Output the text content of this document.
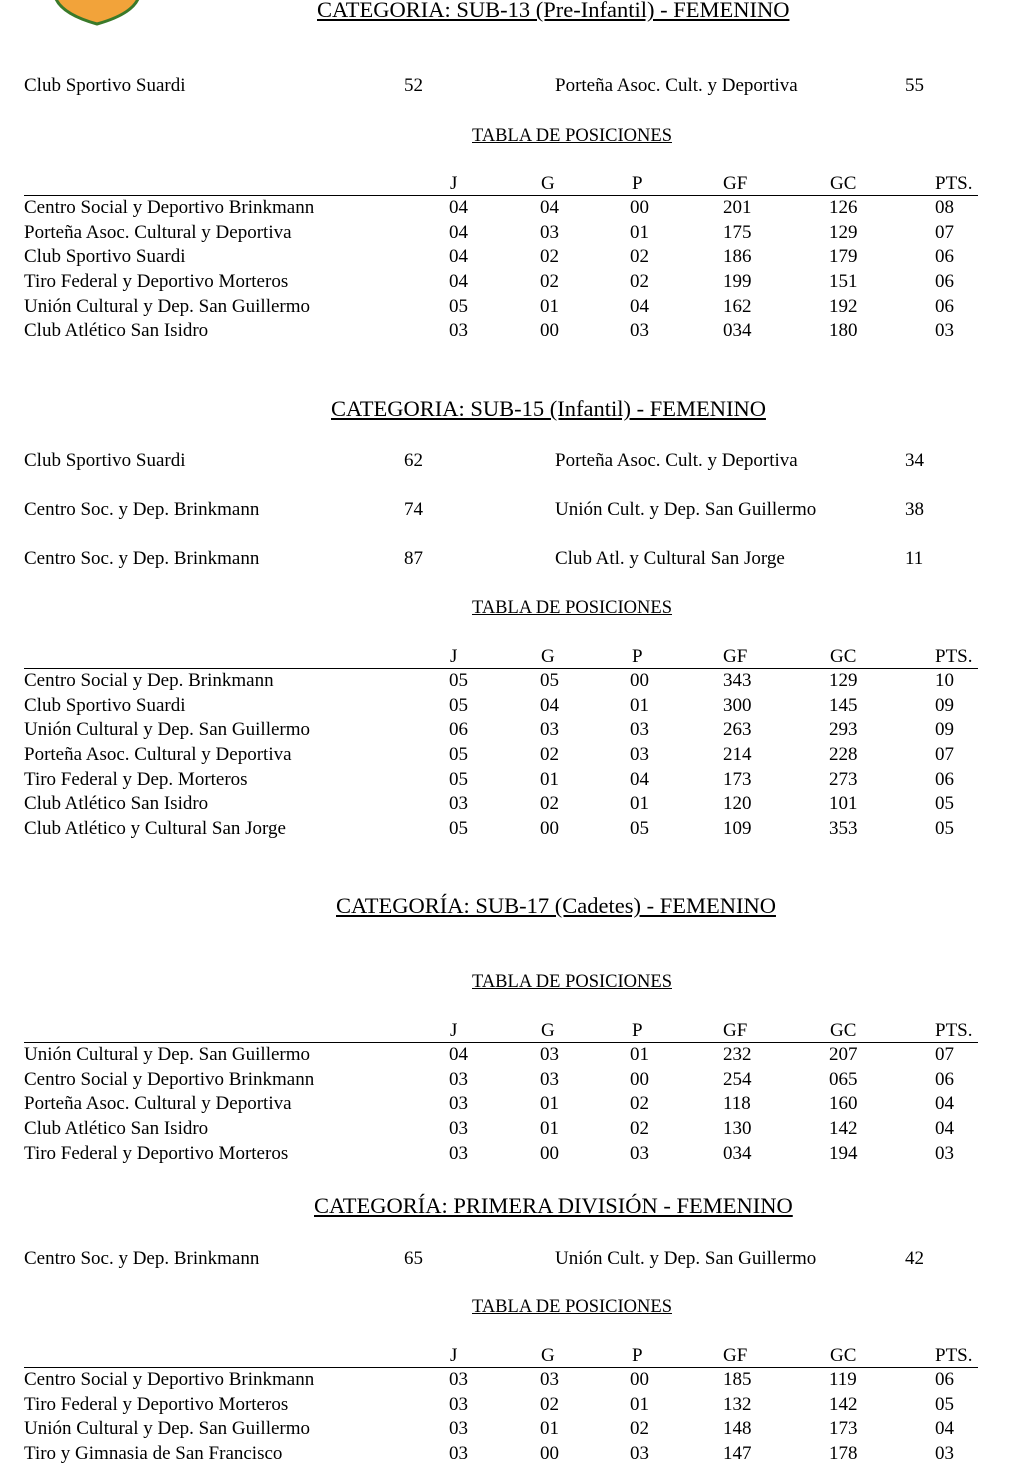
CATEGORIA: SUB-13 (Pre-Infantil) - FEMENINO
Club Sportivo Suardi	52	Porteña Asoc. Cult. y Deportiva	55
TABLA DE POSICIONES
J	G	P	GF	GC	PTS.
Centro Social y Deportivo Brinkmann	04	04	00	201	126	08
Porteña Asoc. Cultural y Deportiva	04	03	01	175	129	07
Club Sportivo Suardi	04	02	02	186	179	06
Tiro Federal y Deportivo Morteros	04	02	02	199	151	06
Unión Cultural y Dep. San Guillermo	05	01	04	162	192	06
Club Atlético San Isidro	03	00	03	034	180	03
CATEGORIA: SUB-15 (Infantil) - FEMENINO
Club Sportivo Suardi	62	Porteña Asoc. Cult. y Deportiva	34
Centro Soc. y Dep. Brinkmann	74	Unión Cult. y Dep. San Guillermo	38
Centro Soc. y Dep. Brinkmann	87	Club Atl. y Cultural San Jorge	11
TABLA DE POSICIONES
J	G	P	GF	GC	PTS.
Centro Social y Dep. Brinkmann	05	05	00	343	129	10
Club Sportivo Suardi	05	04	01	300	145	09
Unión Cultural y Dep. San Guillermo	06	03	03	263	293	09
Porteña Asoc. Cultural y Deportiva	05	02	03	214	228	07
Tiro Federal y Dep. Morteros	05	01	04	173	273	06
Club Atlético San Isidro	03	02	01	120	101	05
Club Atlético y Cultural San Jorge	05	00	05	109	353	05
CATEGORÍA: SUB-17 (Cadetes) - FEMENINO
TABLA DE POSICIONES
J	G	P	GF	GC	PTS.
Unión Cultural y Dep. San Guillermo	04	03	01	232	207	07
Centro Social y Deportivo Brinkmann	03	03	00	254	065	06
Porteña Asoc. Cultural y Deportiva	03	01	02	118	160	04
Club Atlético San Isidro	03	01	02	130	142	04
Tiro Federal y Deportivo Morteros	03	00	03	034	194	03
CATEGORÍA: PRIMERA DIVISIÓN - FEMENINO
Centro Soc. y Dep. Brinkmann	65	Unión Cult. y Dep. San Guillermo	42
TABLA DE POSICIONES
J	G	P	GF	GC	PTS.
Centro Social y Deportivo Brinkmann	03	03	00	185	119	06
Tiro Federal y Deportivo Morteros	03	02	01	132	142	05
Unión Cultural y Dep. San Guillermo	03	01	02	148	173	04
Tiro y Gimnasia de San Francisco	03	00	03	147	178	03
